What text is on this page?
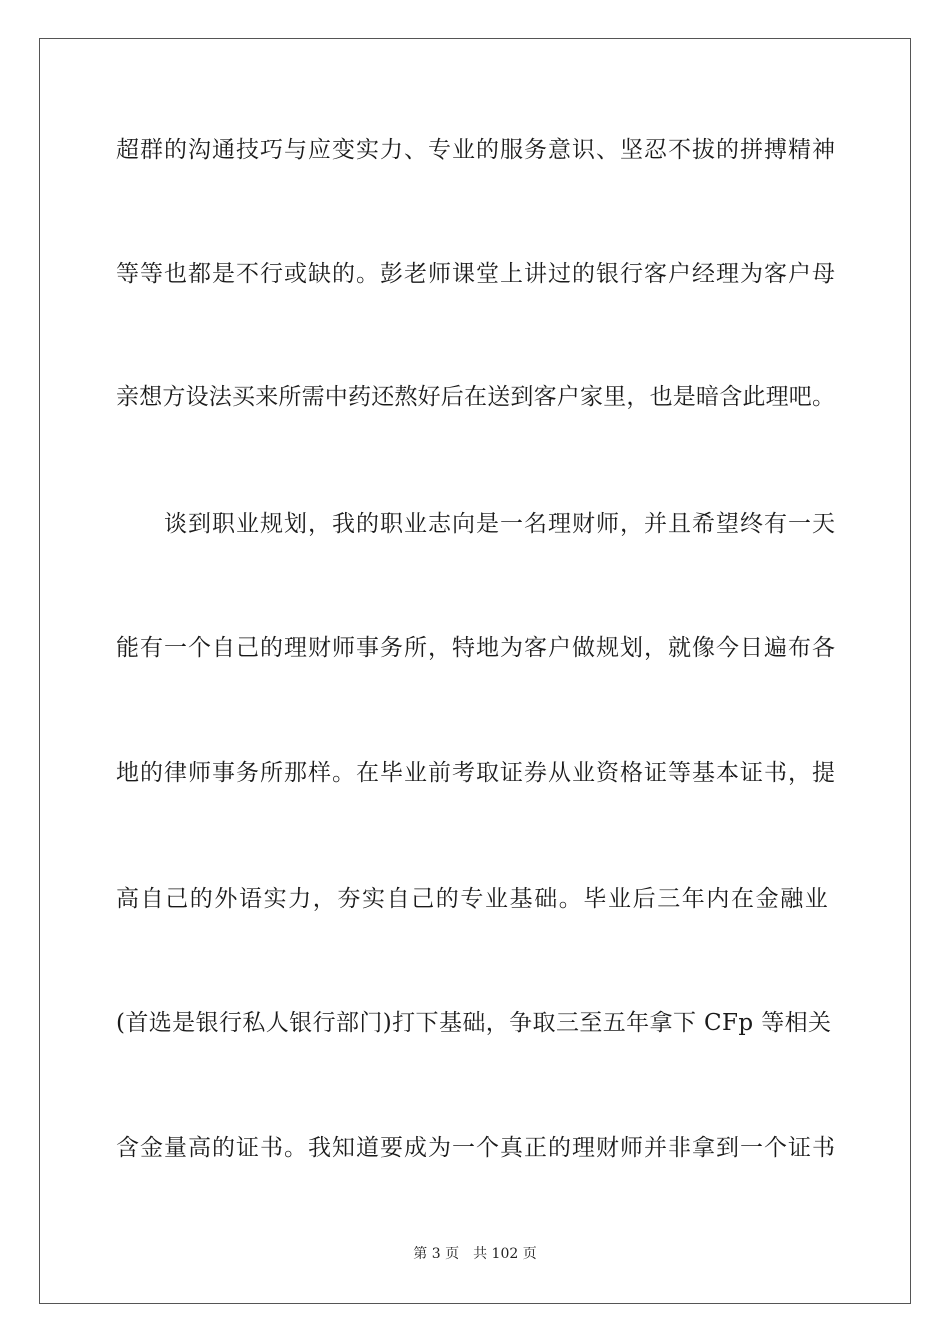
超群的沟通技巧与应变实力、专业的服务意识、坚忍不拔的拼搏精神
等等也都是不行或缺的。彭老师课堂上讲过的银行客户经理为客户母
亲想方设法买来所需中药还熬好后在送到客户家里，也是暗含此理吧。
　　谈到职业规划，我的职业志向是一名理财师，并且希望终有一天
能有一个自己的理财师事务所，特地为客户做规划，就像今日遍布各
地的律师事务所那样。在毕业前考取证券从业资格证等基本证书，提
高自己的外语实力，夯实自己的专业基础。毕业后三年内在金融业
(首选是银行私人银行部门)打下基础，争取三至五年拿下 CFp 等相关
含金量高的证书。我知道要成为一个真正的理财师并非拿到一个证书
第 3 页 共 102 页
